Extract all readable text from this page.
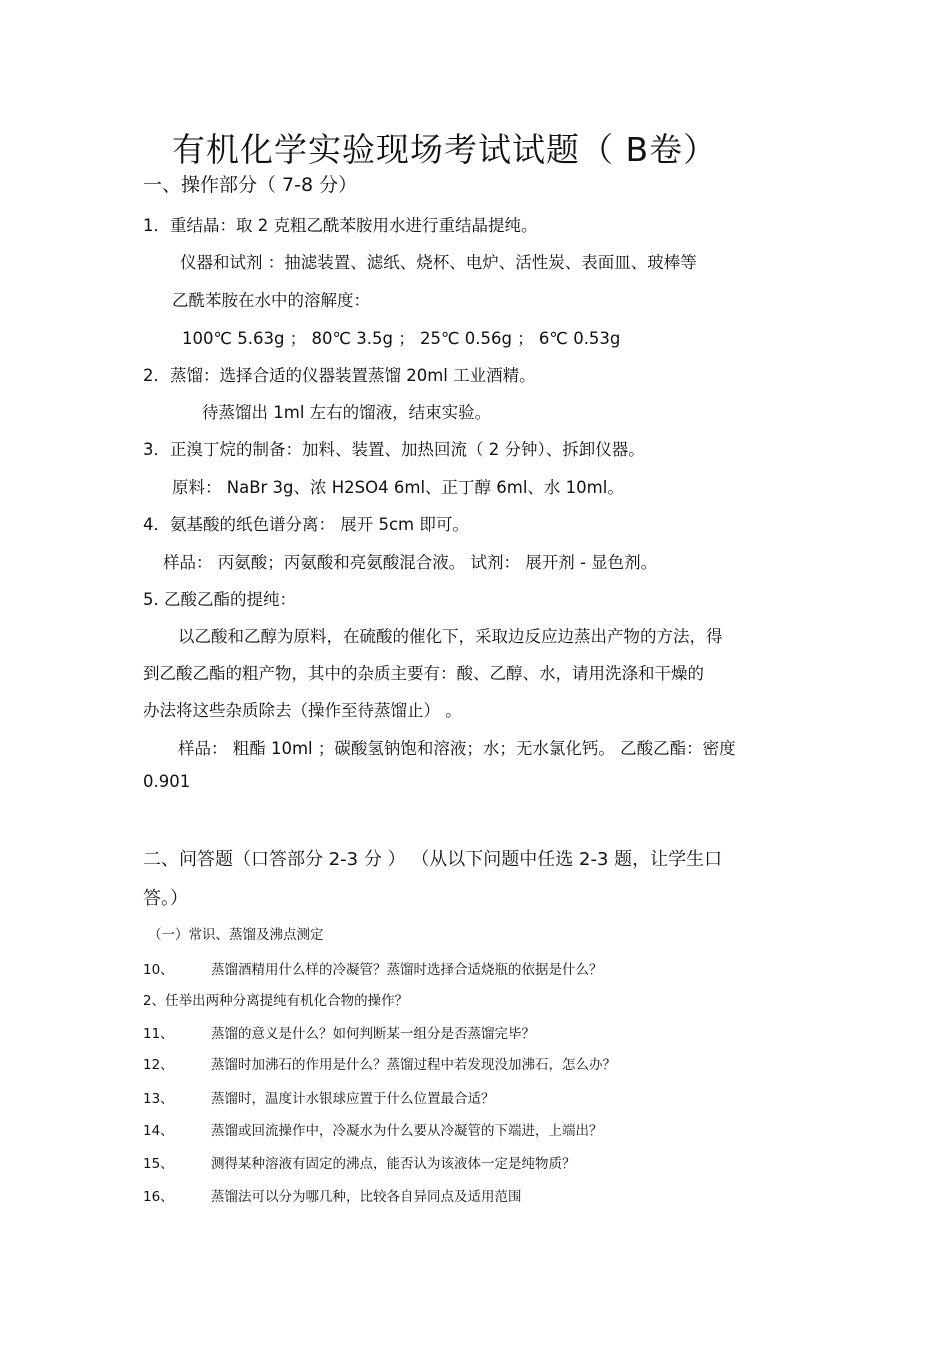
有机化学实验现场考试试题（ B卷）
一、操作部分（ 7-8 分）
1．重结晶：取 2 克粗乙酰苯胺用水进行重结晶提纯。
仪器和试剂 ：抽滤装置、滤纸、烧杯、电炉、活性炭、表面皿、玻棒等
乙酰苯胺在水中的溶解度：
100℃ 5.63g ； 80℃ 3.5g ； 25℃ 0.56g ； 6℃ 0.53g
2．蒸馏：选择合适的仪器装置蒸馏 20ml 工业酒精。
待蒸馏出 1ml 左右的馏液，结束实验。
3．正溴丁烷的制备：加料、装置、加热回流（ 2 分钟）、拆卸仪器。
原料： NaBr 3g、浓 H2SO4 6ml、正丁醇 6ml、水 10ml。
4．氨基酸的纸色谱分离： 展开 5cm 即可。
样品： 丙氨酸；丙氨酸和亮氨酸混合液。 试剂： 展开剂 - 显色剂。
5. 乙酸乙酯的提纯：
以乙酸和乙醇为原料，在硫酸的催化下，采取边反应边蒸出产物的方法，得
到乙酸乙酯的粗产物，其中的杂质主要有：酸、乙醇、水，请用洗涤和干燥的
办法将这些杂质除去（操作至待蒸馏止） 。
样品： 粗酯 10ml ；碳酸氢钠饱和溶液；水；无水氯化钙。 乙酸乙酯：密度
0.901
二、问答题（口答部分 2-3 分 ） （从以下问题中任选 2-3 题，让学生口
答。）
（一）常识、蒸馏及沸点测定
10、	蒸馏酒精用什么样的冷凝管？蒸馏时选择合适烧瓶的依据是什么？
2、任举出两种分离提纯有机化合物的操作？
11、	蒸馏的意义是什么？如何判断某一组分是否蒸馏完毕？
12、	蒸馏时加沸石的作用是什么？蒸馏过程中若发现没加沸石，怎么办？
13、	蒸馏时，温度计水银球应置于什么位置最合适？
14、	蒸馏或回流操作中，冷凝水为什么要从冷凝管的下端进，上端出？
15、	测得某种溶液有固定的沸点，能否认为该液体一定是纯物质？
16、	蒸馏法可以分为哪几种，比较各自异同点及适用范围
